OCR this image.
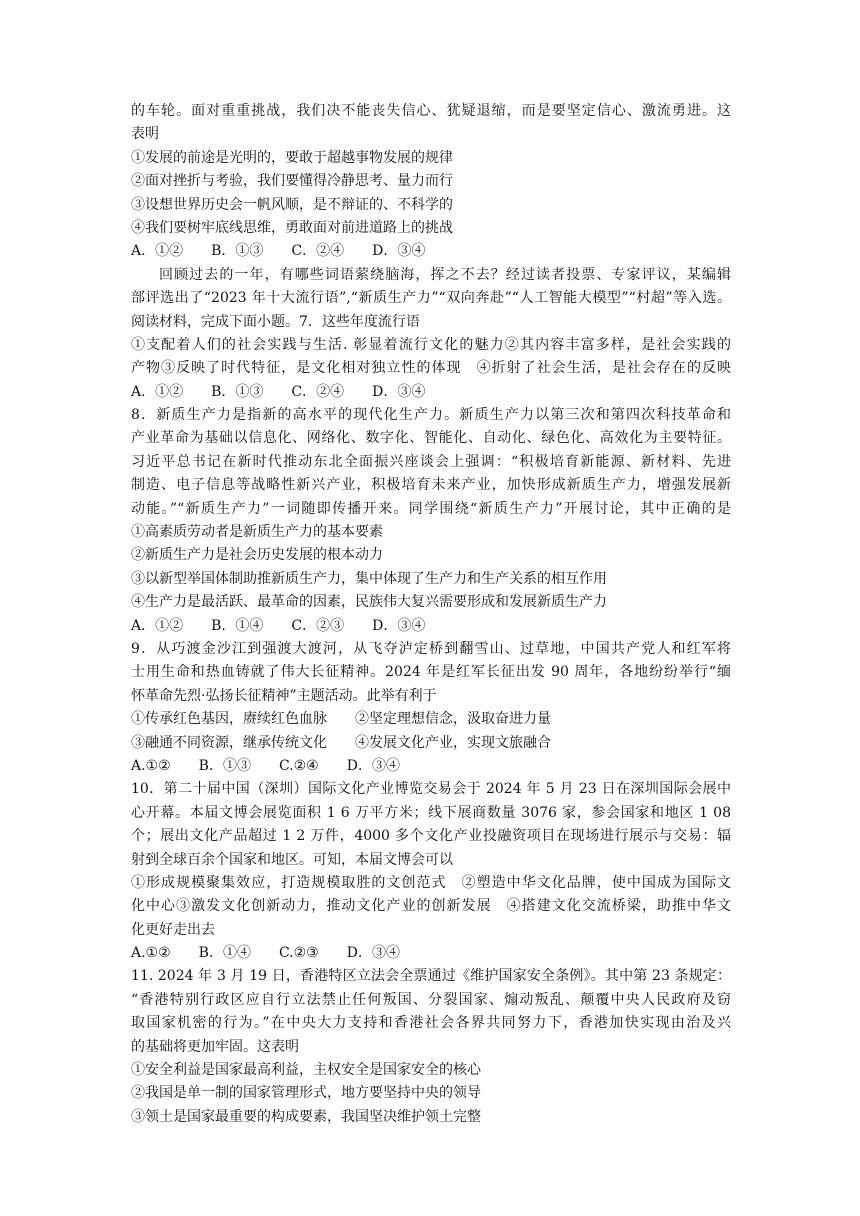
的车轮。面对重重挑战，我们决不能丧失信心、犹疑退缩，而是要坚定信心、激流勇进。这
表明
①发展的前途是光明的，要敢于超越事物发展的规律
②面对挫折与考验，我们要懂得冷静思考、量力而行
③设想世界历史会一帆风顺，是不辩证的、不科学的
④我们要树牢底线思维，勇敢面对前进道路上的挑战
A．①② B．①③ C．②④ D．③④
回顾过去的一年，有哪些词语萦绕脑海，挥之不去？经过读者投票、专家评议，某编辑
部评选出了“2023 年十大流行语”,“新质生产力”“双向奔赴”“人工智能大模型”“村超”等入选。
阅读材料，完成下面小题。7．这些年度流行语
①支配着人们的社会实践与生活. 彰显着流行文化的魅力②其内容丰富多样，是社会实践的
产物③反映了时代特征，是文化相对独立性的体现　④折射了社会生活，是社会存在的反映
A．①② B．①③ C．②④ D．③④
8．新质生产力是指新的高水平的现代化生产力。新质生产力以第三次和第四次科技革命和
产业革命为基础以信息化、网络化、数字化、智能化、自动化、绿色化、高效化为主要特征。
习近平总书记在新时代推动东北全面振兴座谈会上强调：“积极培育新能源、新材料、先进
制造、电子信息等战略性新兴产业，积极培育未来产业，加快形成新质生产力，增强发展新
动能。”“新质生产力”一词随即传播开来。同学围绕“新质生产力”开展讨论，其中正确的是
①高素质劳动者是新质生产力的基本要素
②新质生产力是社会历史发展的根本动力
③以新型举国体制助推新质生产力，集中体现了生产力和生产关系的相互作用
④生产力是最活跃、最革命的因素，民族伟大复兴需要形成和发展新质生产力
A．①② B．①④ C．②③ D．③④
9．从巧渡金沙江到强渡大渡河，从飞夺泸定桥到翻雪山、过草地，中国共产党人和红军将
士用生命和热血铸就了伟大长征精神。2024 年是红军长征出发 90 周年，各地纷纷举行“缅
怀革命先烈·弘扬长征精神”主题活动。此举有利于
①传承红色基因，赓续红色血脉　　②坚定理想信念，汲取奋进力量
③融通不同资源，继承传统文化　　④发展文化产业，实现文旅融合
A.①② B．①③ C.②④ D．③④
10．第二十届中国（深圳）国际文化产业博览交易会于 2024 年 5 月 23 日在深圳国际会展中
心开幕。本届文博会展览面积 1 6 万平方米；线下展商数量 3076 家，参会国家和地区 1 08
个；展出文化产品超过 1 2 万件，4000 多个文化产业投融资项目在现场进行展示与交易：辐
射到全球百余个国家和地区。可知，本届文博会可以
①形成规模聚集效应，打造规模取胜的文创范式　②塑造中华文化品牌，使中国成为国际文
化中心③激发文化创新动力，推动文化产业的创新发展　④搭建文化交流桥梁，助推中华文
化更好走出去
A.①② B．①④ C.②③ D．③④
11. 2024 年 3 月 19 日，香港特区立法会全票通过《维护国家安全条例》。其中第 23 条规定：
“香港特别行政区应自行立法禁止任何叛国、分裂国家、煽动叛乱、颠覆中央人民政府及窃
取国家机密的行为。”在中央大力支持和香港社会各界共同努力下，香港加快实现由治及兴
的基础将更加牢固。这表明
①安全利益是国家最高利益，主权安全是国家安全的核心
②我国是单一制的国家管理形式，地方要坚持中央的领导
③领土是国家最重要的构成要素，我国坚决维护领土完整
